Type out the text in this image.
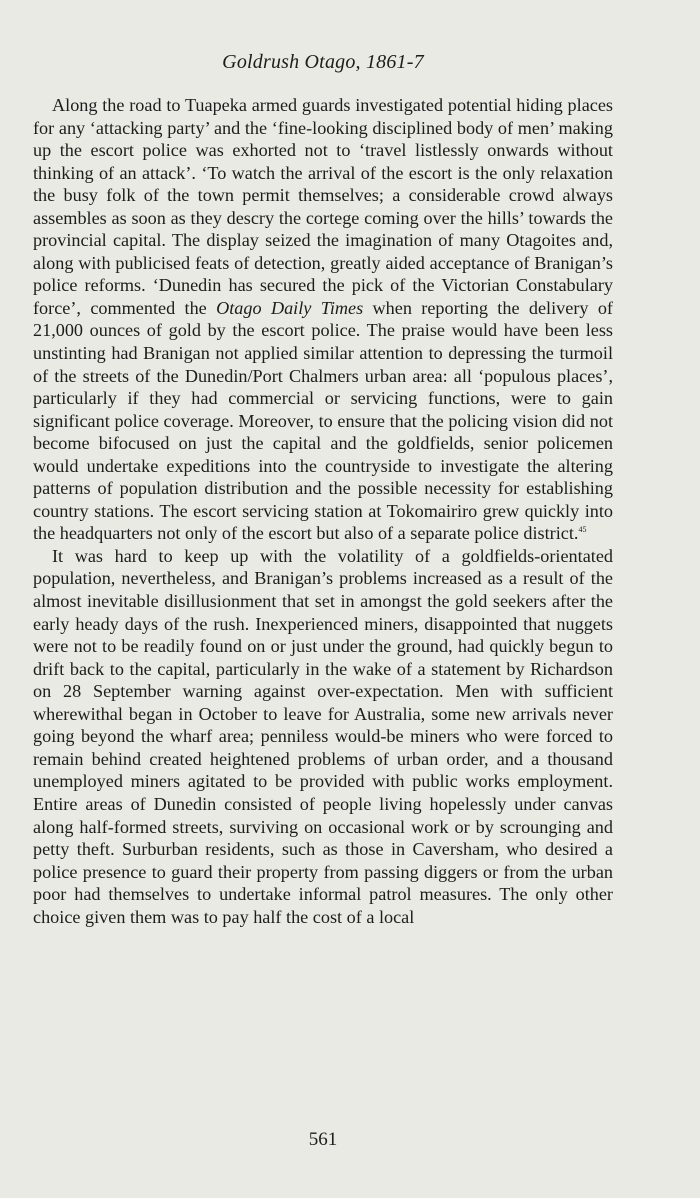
Goldrush Otago, 1861-7

Along the road to Tuapeka armed guards investigated potential hiding places for any ‘attacking party’ and the ‘fine-looking disciplined body of men’ making up the escort police was exhorted not to ‘travel listlessly onwards without thinking of an attack’. ‘To watch the arrival of the escort is the only relaxation the busy folk of the town permit themselves; a considerable crowd always assembles as soon as they descry the cortege coming over the hills’ towards the provincial capital. The display seized the imagination of many Otagoites and, along with publicised feats of detection, greatly aided acceptance of Branigan’s police reforms. ‘Dunedin has secured the pick of the Victorian Constabulary force’, commented the Otago Daily Times when reporting the delivery of 21,000 ounces of gold by the escort police. The praise would have been less unstinting had Branigan not applied similar attention to depressing the turmoil of the streets of the Dunedin/Port Chalmers urban area: all ‘populous places’, particularly if they had commercial or servicing functions, were to gain significant police coverage. Moreover, to ensure that the policing vision did not become bifocused on just the capital and the goldfields, senior policemen would undertake expeditions into the countryside to investigate the altering patterns of population distribution and the possible necessity for establishing country stations. The escort servicing station at Tokomairiro grew quickly into the headquarters not only of the escort but also of a separate police district.$^{45}$

It was hard to keep up with the volatility of a goldfields-orientated population, nevertheless, and Branigan’s problems increased as a result of the almost inevitable disillusionment that set in amongst the gold seekers after the early heady days of the rush. Inexperienced miners, disappointed that nuggets were not to be readily found on or just under the ground, had quickly begun to drift back to the capital, particularly in the wake of a statement by Richardson on 28 September warning against over-expectation. Men with sufficient wherewithal began in October to leave for Australia, some new arrivals never going beyond the wharf area; penniless would-be miners who were forced to remain behind created heightened problems of urban order, and a thousand unemployed miners agitated to be provided with public works employment. Entire areas of Dunedin consisted of people living hopelessly under canvas along half-formed streets, surviving on occasional work or by scrounging and petty theft. Surburban residents, such as those in Caversham, who desired a police presence to guard their property from passing diggers or from the urban poor had themselves to undertake informal patrol measures. The only other choice given them was to pay half the cost of a local

561
